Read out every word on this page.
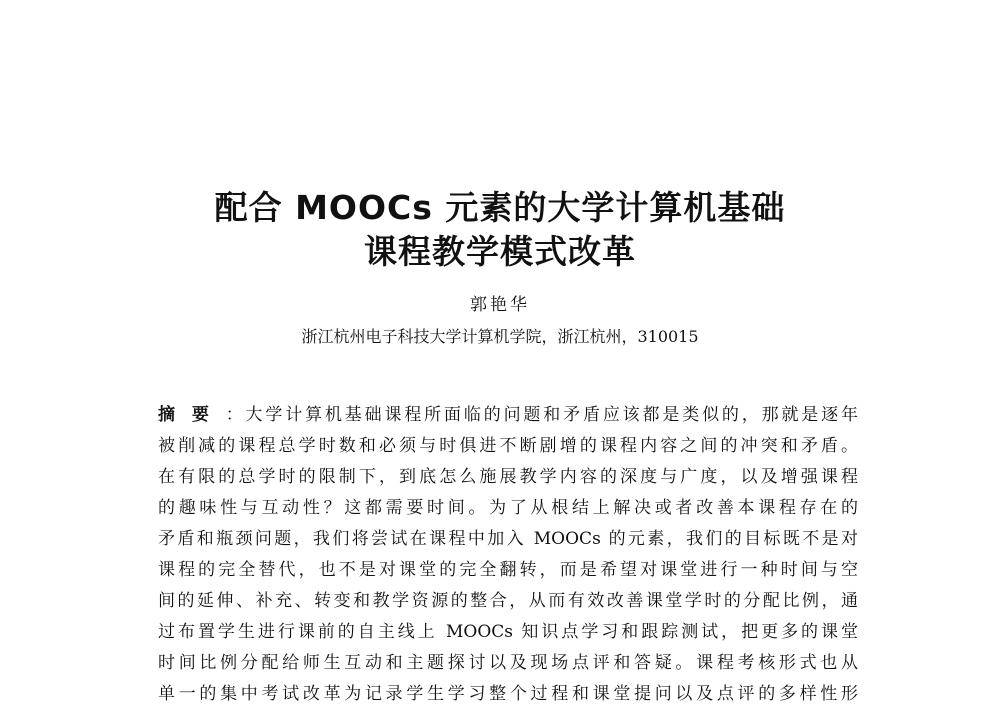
配合 MOOCs 元素的大学计算机基础
课程教学模式改革
郭艳华
浙江杭州电子科技大学计算机学院，浙江杭州，310015
摘要：大学计算机基础课程所面临的问题和矛盾应该都是类似的，那就是逐年
被削减的课程总学时数和必须与时俱进不断剧增的课程内容之间的冲突和矛盾。
在有限的总学时的限制下，到底怎么施展教学内容的深度与广度，以及增强课程
的趣味性与互动性？这都需要时间。为了从根结上解决或者改善本课程存在的
矛盾和瓶颈问题，我们将尝试在课程中加入 MOOCs 的元素，我们的目标既不是对
课程的完全替代，也不是对课堂的完全翻转，而是希望对课堂进行一种时间与空
间的延伸、补充、转变和教学资源的整合，从而有效改善课堂学时的分配比例，通
过布置学生进行课前的自主线上 MOOCs 知识点学习和跟踪测试，把更多的课堂
时间比例分配给师生互动和主题探讨以及现场点评和答疑。课程考核形式也从
单一的集中考试改革为记录学生学习整个过程和课堂提问以及点评的多样性形
